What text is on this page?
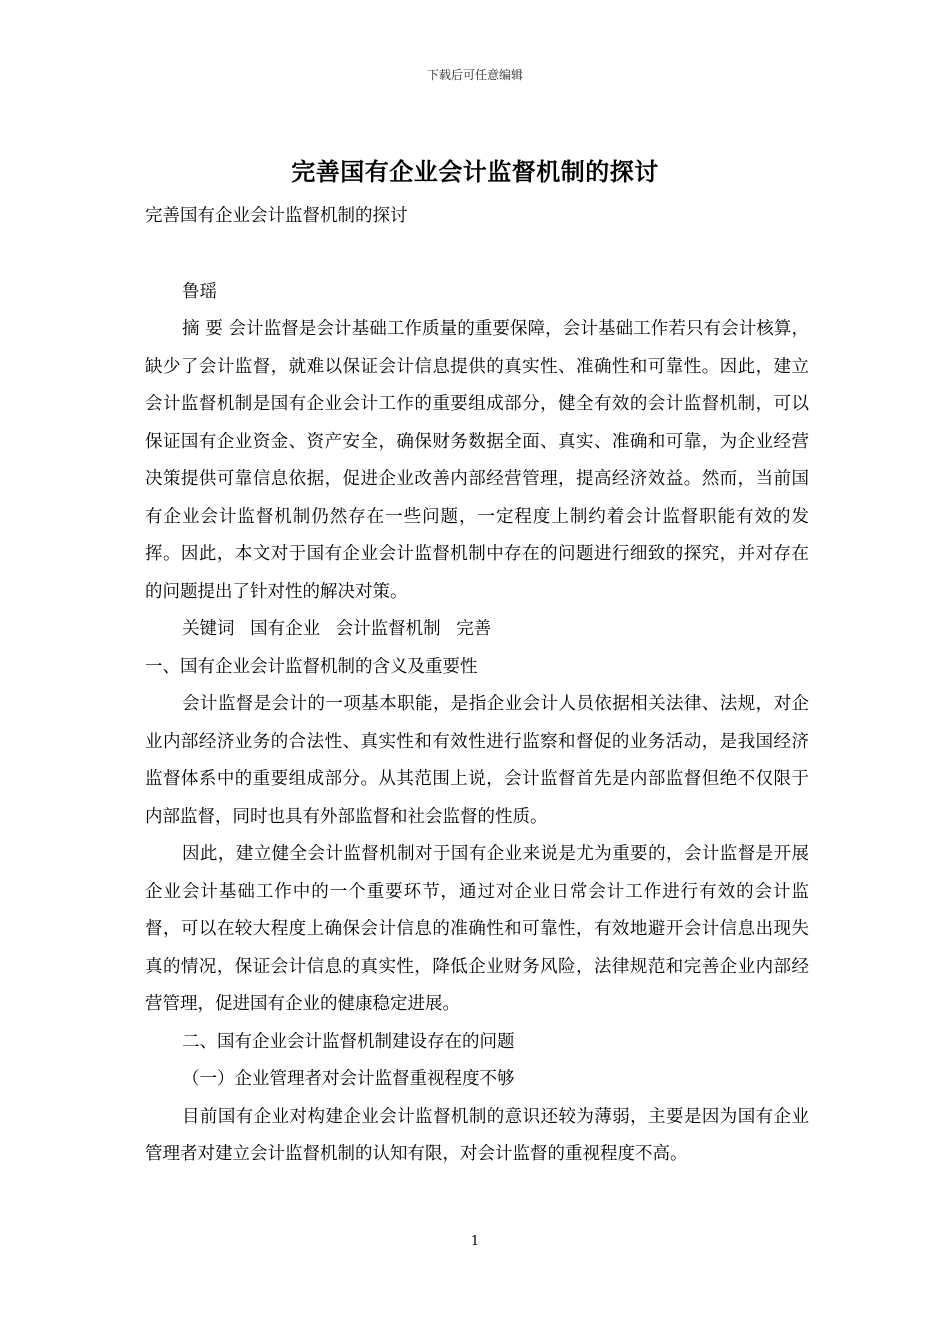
下载后可任意编辑
完善国有企业会计监督机制的探讨

完善国有企业会计监督机制的探讨

鲁瑶

摘 要 会计监督是会计基础工作质量的重要保障，会计基础工作若只有会计核算，缺少了会计监督，就难以保证会计信息提供的真实性、准确性和可靠性。因此，建立会计监督机制是国有企业会计工作的重要组成部分，健全有效的会计监督机制，可以保证国有企业资金、资产安全，确保财务数据全面、真实、准确和可靠，为企业经营决策提供可靠信息依据，促进企业改善内部经营管理，提高经济效益。然而，当前国有企业会计监督机制仍然存在一些问题，一定程度上制约着会计监督职能有效的发挥。因此，本文对于国有企业会计监督机制中存在的问题进行细致的探究，并对存在的问题提出了针对性的解决对策。

关键词 国有企业 会计监督机制 完善

一、国有企业会计监督机制的含义及重要性

会计监督是会计的一项基本职能，是指企业会计人员依据相关法律、法规，对企业内部经济业务的合法性、真实性和有效性进行监察和督促的业务活动，是我国经济监督体系中的重要组成部分。从其范围上说，会计监督首先是内部监督但绝不仅限于内部监督，同时也具有外部监督和社会监督的性质。

因此，建立健全会计监督机制对于国有企业来说是尤为重要的，会计监督是开展企业会计基础工作中的一个重要环节，通过对企业日常会计工作进行有效的会计监督，可以在较大程度上确保会计信息的准确性和可靠性，有效地避开会计信息出现失真的情况，保证会计信息的真实性，降低企业财务风险，法律规范和完善企业内部经营管理，促进国有企业的健康稳定进展。

二、国有企业会计监督机制建设存在的问题

（一）企业管理者对会计监督重视程度不够

目前国有企业对构建企业会计监督机制的意识还较为薄弱，主要是因为国有企业管理者对建立会计监督机制的认知有限，对会计监督的重视程度不高。

1
